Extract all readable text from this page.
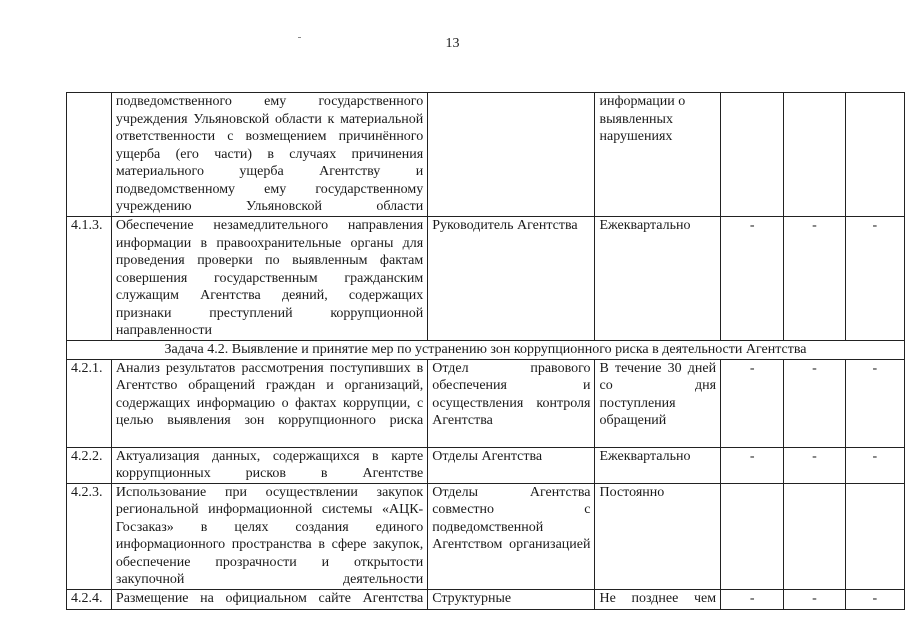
13
	подведомственного ему государственного учреждения Ульяновской области к материальной ответственности с возмещением причинённого ущерба (его части) в случаях причинения материального ущерба Агентству и подведомственному ему государственному учреждению Ульяновской области		информации о выявленных нарушениях			
4.1.3.	Обеспечение незамедлительного направления информации в правоохранительные органы для проведения проверки по выявленным фактам совершения государственным гражданским служащим Агентства деяний, содержащих признаки преступлений коррупционной направленности	Руководитель Агентства	Ежеквартально	-	-	-
Задача 4.2. Выявление и принятие мер по устранению зон коррупционного риска в деятельности Агентства						
4.2.1.	Анализ результатов рассмотрения поступивших в Агентство обращений граждан и организаций, содержащих информацию о фактах коррупции, с целью выявления зон коррупционного риска	Отдел правового обеспечения и осуществления контроля Агентства	В течение 30 дней со дня поступления обращений	-	-	-
4.2.2.	Актуализация данных, содержащихся в карте коррупционных рисков в Агентстве	Отделы Агентства	Ежеквартально	-	-	-
4.2.3.	Использование при осуществлении закупок региональной информационной системы «АЦК-Госзаказ» в целях создания единого информационного пространства в сфере закупок, обеспечение прозрачности и открытости закупочной деятельности	Отделы Агентства совместно с подведомственной Агентством организацией	Постоянно			
4.2.4.	Размещение на официальном сайте Агентства	Структурные	Не позднее чем	-	-	-
